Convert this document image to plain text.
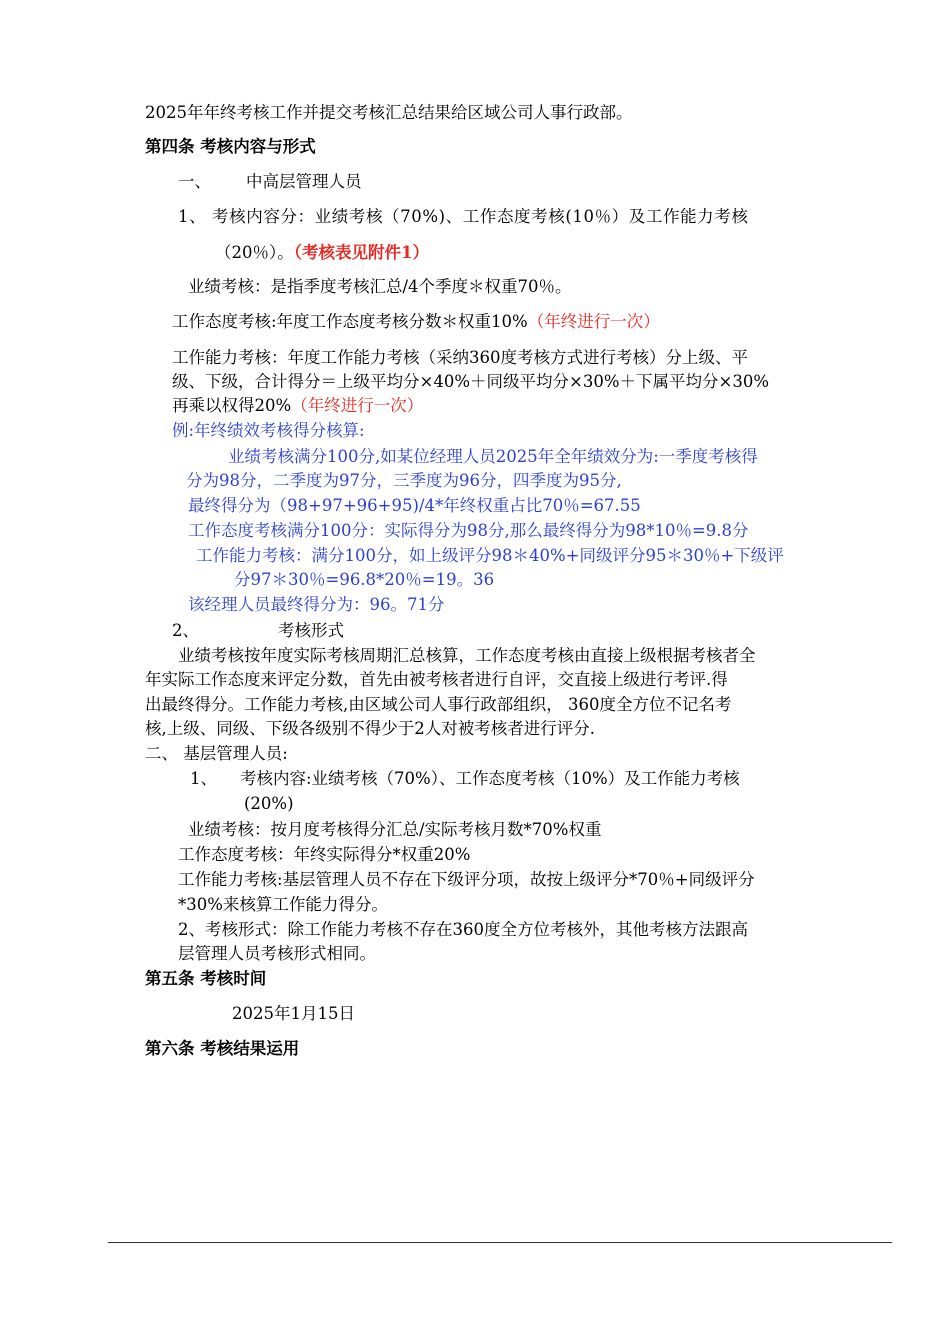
2025年年终考核工作并提交考核汇总结果给区域公司人事行政部。
第四条 考核内容与形式
一、 中高层管理人员
1、 考核内容分：业绩考核（70%)、工作态度考核(10％）及工作能力考核
（20％）。（考核表见附件1）
业绩考核：是指季度考核汇总/4个季度＊权重70％。
工作态度考核:年度工作态度考核分数＊权重10%（年终进行一次）
工作能力考核：年度工作能力考核（采纳360度考核方式进行考核）分上级、平
级、下级，合计得分＝上级平均分×40%＋同级平均分×30%＋下属平均分×30%
再乘以权得20%（年终进行一次）
例:年终绩效考核得分核算:
业绩考核满分100分,如某位经理人员2025年全年绩效分为:一季度考核得
分为98分，二季度为97分，三季度为96分，四季度为95分,
最终得分为（98+97+96+95)/4*年终权重占比70％=67.55
工作态度考核满分100分：实际得分为98分,那么最终得分为98*10％=9.8分
工作能力考核：满分100分，如上级评分98＊40%+同级评分95＊30％+下级评
分97＊30％=96.8*20％=19。36
该经理人员最终得分为：96。71分
2、	考核形式
业绩考核按年度实际考核周期汇总核算，工作态度考核由直接上级根据考核者全
年实际工作态度来评定分数，首先由被考核者进行自评，交直接上级进行考评.得
出最终得分。工作能力考核,由区域公司人事行政部组织， 360度全方位不记名考
核,上级、同级、下级各级别不得少于2人对被考核者进行评分.
二、 基层管理人员:
1、 考核内容:业绩考核（70%）、工作态度考核（10%）及工作能力考核
(20%)
业绩考核：按月度考核得分汇总/实际考核月数*70%权重
工作态度考核：年终实际得分*权重20%
工作能力考核:基层管理人员不存在下级评分项，故按上级评分*70％+同级评分
*30%来核算工作能力得分。
2、考核形式：除工作能力考核不存在360度全方位考核外，其他考核方法跟高
层管理人员考核形式相同。
第五条 考核时间
2025年1月15日
第六条 考核结果运用
